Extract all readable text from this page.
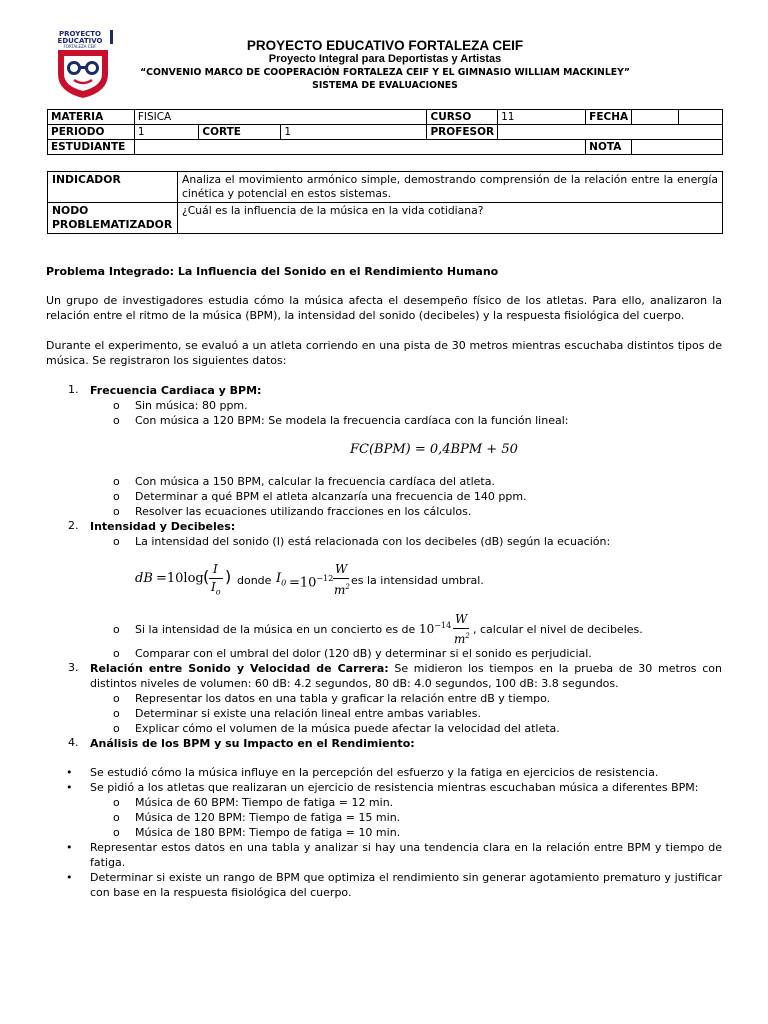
PROYECTO
EDUCATIVO
FORTALEZA CEIF	PROYECTO EDUCATIVO FORTALEZA CEIF
Proyecto Integral para Deportistas y Artistas
“CONVENIO MARCO DE COOPERACIÓN FORTALEZA CEIF Y EL GIMNASIO WILLIAM MACKINLEY”
SISTEMA DE EVALUACIONES
MATERIA	FISICA			CURSO	11	FECHA		
PERIODO	1	CORTE	1	PROFESOR				
ESTUDIANTE						NOTA		
INDICADOR	Analiza el movimiento armónico simple, demostrando comprensión de la relación entre la energía cinética y potencial en estos sistemas.
NODO
PROBLEMATIZADOR	¿Cuál es la influencia de la música en la vida cotidiana?
Problema Integrado: La Influencia del Sonido en el Rendimiento Humano
Un grupo de investigadores estudia cómo la música afecta el desempeño físico de los atletas. Para ello, analizaron la relación entre el ritmo de la música (BPM), la intensidad del sonido (decibeles) y la respuesta fisiológica del cuerpo.
Durante el experimento, se evaluó a un atleta corriendo en una pista de 30 metros mientras escuchaba distintos tipos de música. Se registraron los siguientes datos:
1. Frecuencia Cardiaca y BPM:
o Sin música: 80 ppm.
o Con música a 120 BPM: Se modela la frecuencia cardíaca con la función lineal:
FC(BPM) = 0,4BPM + 50
o Con música a 150 BPM, calcular la frecuencia cardíaca del atleta.
o Determinar a qué BPM el atleta alcanzaría una frecuencia de 140 ppm.
o Resolver las ecuaciones utilizando fracciones en los cálculos.
2. Intensidad y Decibeles:
o La intensidad del sonido (I) está relacionada con los decibeles (dB) según la ecuación:
dB =10log ( I
$I_o$
) donde $I_0 =10^{-12}$
W
$m^2$ es la intensidad umbral.
o Si la intensidad de la música en un concierto es de $10^{-14}$ W
$m^2$ , calcular el nivel de decibeles.
o Comparar con el umbral del dolor (120 dB) y determinar si el sonido es perjudicial.
3. Relación entre Sonido y Velocidad de Carrera: Se midieron los tiempos en la prueba de 30 metros con distintos niveles de volumen: 60 dB: 4.2 segundos, 80 dB: 4.0 segundos, 100 dB: 3.8 segundos.
o Representar los datos en una tabla y graficar la relación entre dB y tiempo.
o Determinar si existe una relación lineal entre ambas variables.
o Explicar cómo el volumen de la música puede afectar la velocidad del atleta.
4. Análisis de los BPM y su Impacto en el Rendimiento:
• Se estudió cómo la música influye en la percepción del esfuerzo y la fatiga en ejercicios de resistencia.
• Se pidió a los atletas que realizaran un ejercicio de resistencia mientras escuchaban música a diferentes BPM:
o Música de 60 BPM: Tiempo de fatiga = 12 min.
o Música de 120 BPM: Tiempo de fatiga = 15 min.
o Música de 180 BPM: Tiempo de fatiga = 10 min.
• Representar estos datos en una tabla y analizar si hay una tendencia clara en la relación entre BPM y tiempo de fatiga.
• Determinar si existe un rango de BPM que optimiza el rendimiento sin generar agotamiento prematuro y justificar con base en la respuesta fisiológica del cuerpo.
